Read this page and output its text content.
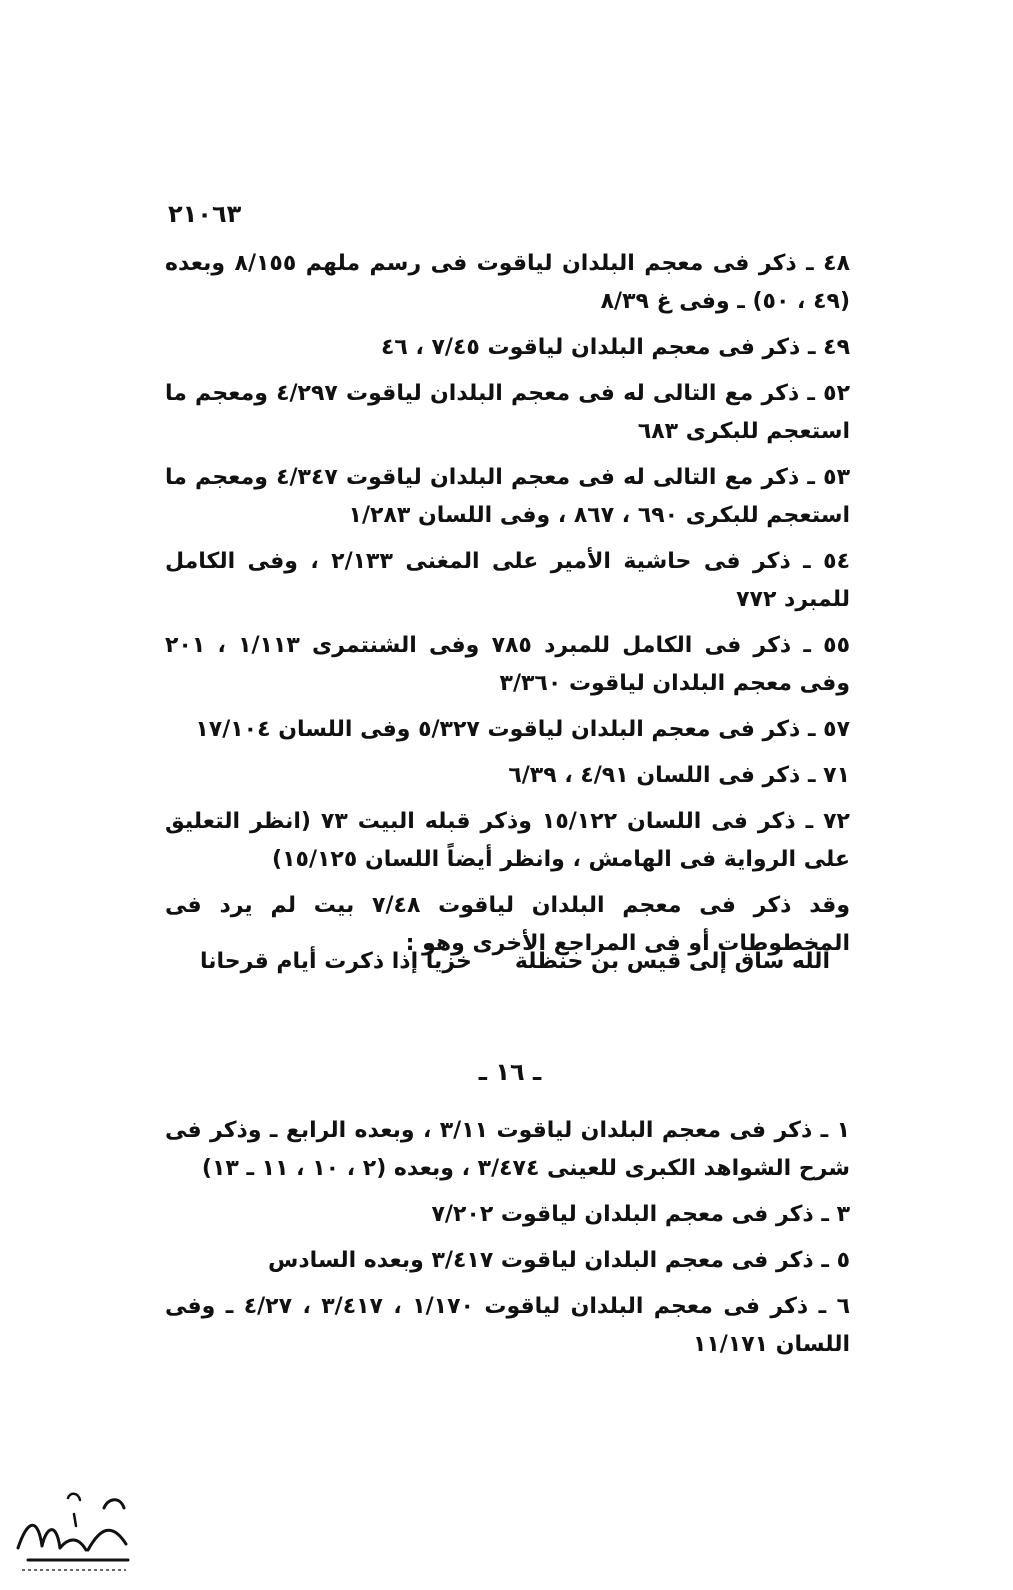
٢١٠٦٣

٤٨ ـ ذكر فى معجم البلدان لياقوت فى رسم ملهم ٨/١٥٥ وبعده (٤٩ ، ٥٠) ـ وفى غ ٨/٣٩

٤٩ ـ ذكر فى معجم البلدان لياقوت ٧/٤٥ ، ٤٦

٥٢ ـ ذكر مع التالى له فى معجم البلدان لياقوت ٤/٢٩٧ ومعجم ما استعجم للبكرى ٦٨٣

٥٣ ـ ذكر مع التالى له فى معجم البلدان لياقوت ٤/٣٤٧ ومعجم ما استعجم للبكرى ٦٩٠ ، ٨٦٧ ، وفى اللسان ١/٢٨٣

٥٤ ـ ذكر فى حاشية الأمير على المغنى ٢/١٣٣ ، وفى الكامل للمبرد ٧٧٢

٥٥ ـ ذكر فى الكامل للمبرد ٧٨٥ وفى الشنتمرى ١/١١٣ ، ٢٠١ وفى معجم البلدان لياقوت ٣/٣٦٠

٥٧ ـ ذكر فى معجم البلدان لياقوت ٥/٣٢٧ وفى اللسان ١٧/١٠٤

٧١ ـ ذكر فى اللسان ٤/٩١ ، ٦/٣٩

٧٢ ـ ذكر فى اللسان ١٥/١٢٢ وذكر قبله البيت ٧٣ (انظر التعليق على الرواية فى الهامش ، وانظر أيضاً اللسان ١٥/١٢٥)

وقد ذكر فى معجم البلدان لياقوت ٧/٤٨ بيت لم يرد فى المخطوطات أو فى المراجع الأخرى وهو :

الله ساق إلى قيس بن حنظلة
خزياً إذا ذكرت أيام قرحانا
ـ ١٦ ـ

١ ـ ذكر فى معجم البلدان لياقوت ٣/١١ ، وبعده الرابع ـ وذكر فى شرح الشواهد الكبرى للعينى ٣/٤٧٤ ، وبعده (٢ ، ١٠ ، ١١ ـ ١٣)

٣ ـ ذكر فى معجم البلدان لياقوت ٧/٢٠٢

٥ ـ ذكر فى معجم البلدان لياقوت ٣/٤١٧ وبعده السادس

٦ ـ ذكر فى معجم البلدان لياقوت ١/١٧٠ ، ٣/٤١٧ ، ٤/٢٧ ـ وفى اللسان ١١/١٧١
